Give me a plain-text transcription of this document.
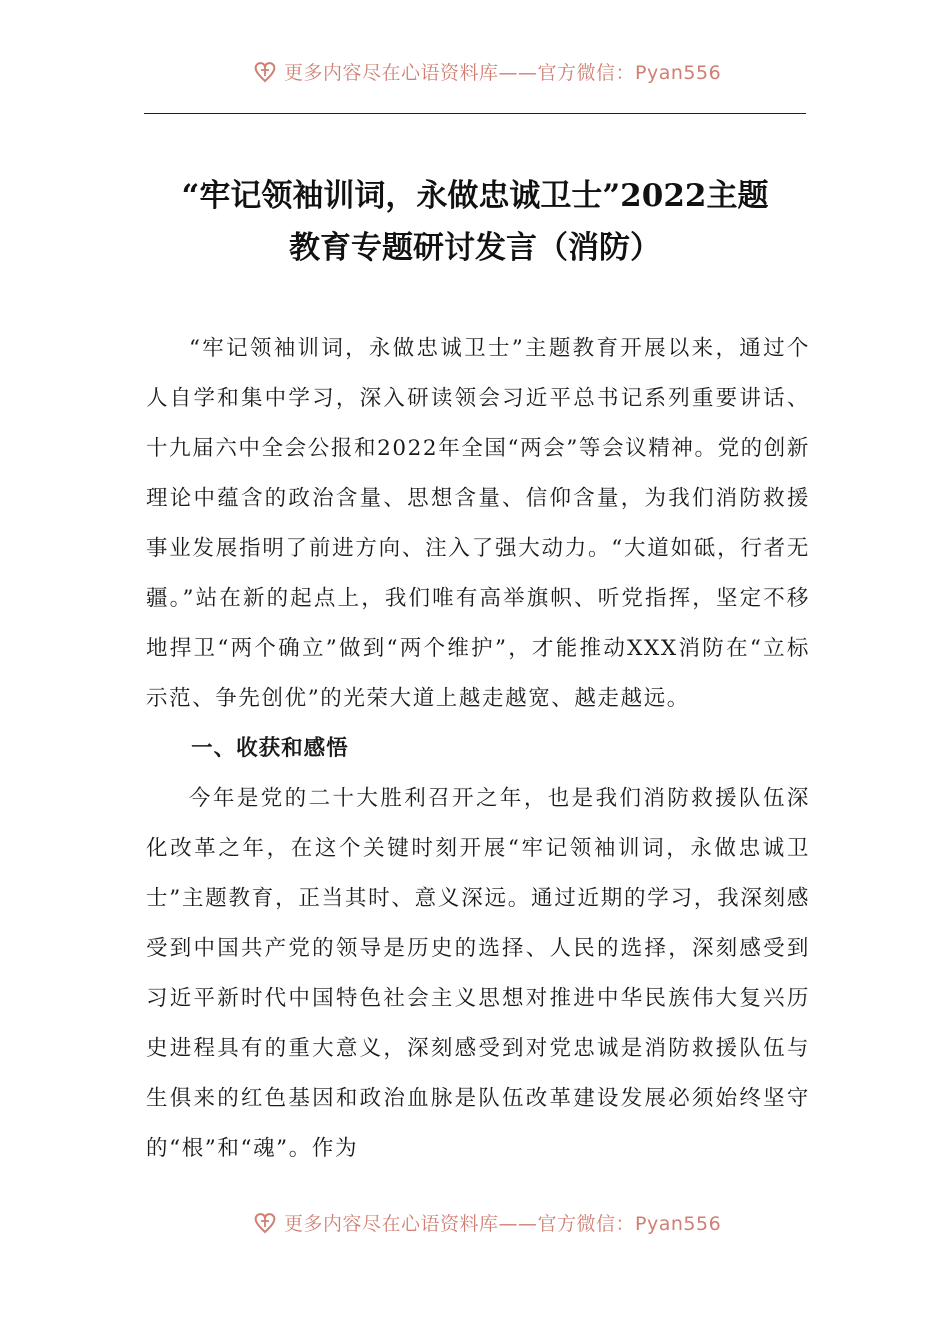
更多内容尽在心语资料库——官方微信：Pyan556
“牢记领袖训词，永做忠诚卫士”2022主题
教育专题研讨发言（消防）

“牢记领袖训词，永做忠诚卫士”主题教育开展以来，通过个人自学和集中学习，深入研读领会习近平总书记系列重要讲话、十九届六中全会公报和2022年全国“两会”等会议精神。党的创新理论中蕴含的政治含量、思想含量、信仰含量，为我们消防救援事业发展指明了前进方向、注入了强大动力。“大道如砥，行者无疆。”站在新的起点上，我们唯有高举旗帜、听党指挥，坚定不移地捍卫“两个确立”做到“两个维护”，才能推动XXX消防在“立标示范、争先创优”的光荣大道上越走越宽、越走越远。

一、收获和感悟

今年是党的二十大胜利召开之年，也是我们消防救援队伍深化改革之年，在这个关键时刻开展“牢记领袖训词，永做忠诚卫士”主题教育，正当其时、意义深远。通过近期的学习，我深刻感受到中国共产党的领导是历史的选择、人民的选择，深刻感受到习近平新时代中国特色社会主义思想对推进中华民族伟大复兴历史进程具有的重大意义，深刻感受到对党忠诚是消防救援队伍与生俱来的红色基因和政治血脉是队伍改革建设发展必须始终坚守的“根”和“魂”。作为

更多内容尽在心语资料库——官方微信：Pyan556
